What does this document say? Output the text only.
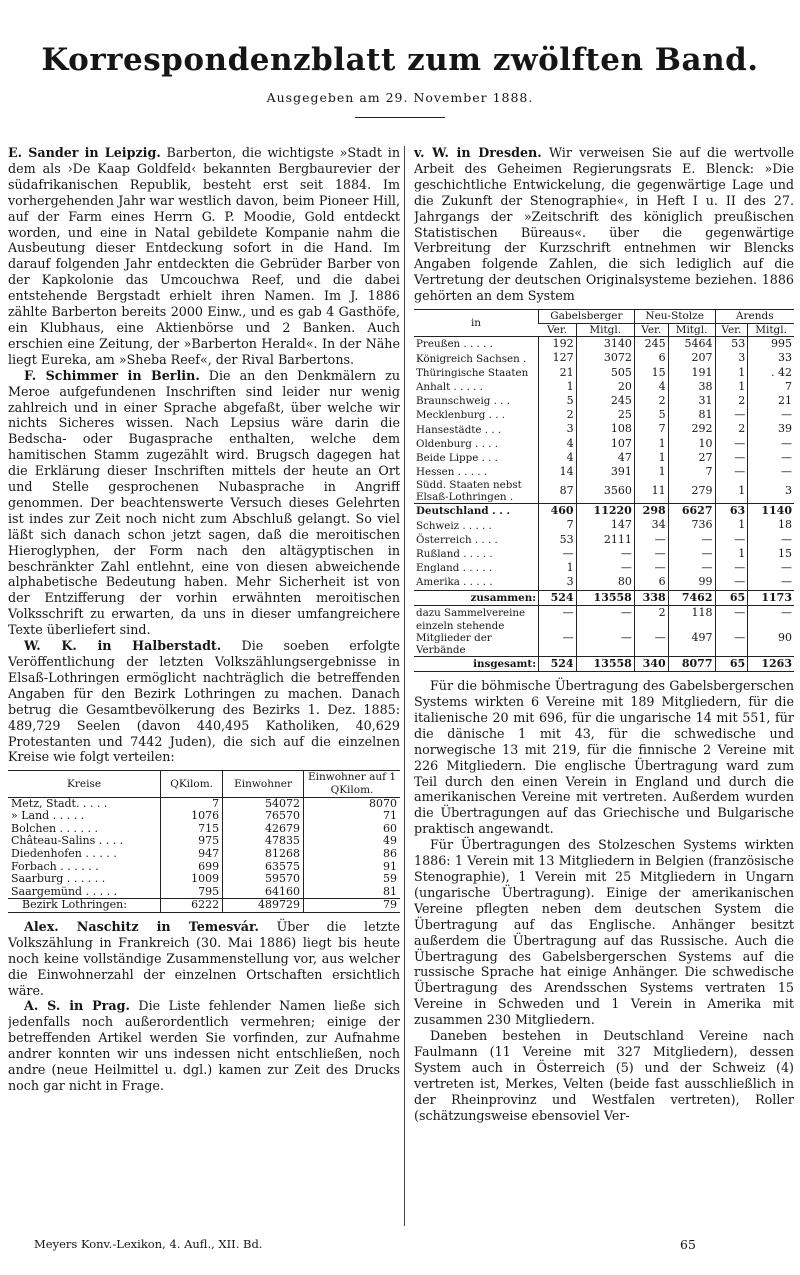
Korrespondenzblatt zum zwölften Band.
Ausgegeben am 29. November 1888.

E. Sander in Leipzig. Barberton, die wichtigste »Stadt in dem als ›De Kaap Goldfeld‹ bekannten Bergbaurevier der südafrikanischen Republik, besteht erst seit 1884. Im vorhergehenden Jahr war westlich davon, beim Pioneer Hill, auf der Farm eines Herrn G. P. Moodie, Gold entdeckt worden, und eine in Natal gebildete Kompanie nahm die Ausbeutung dieser Entdeckung sofort in die Hand. Im darauf folgenden Jahr entdeckten die Gebrüder Barber von der Kapkolonie das Umcouchwa Reef, und die dabei entstehende Bergstadt erhielt ihren Namen. Im J. 1886 zählte Barberton bereits 2000 Einw., und es gab 4 Gasthöfe, ein Klubhaus, eine Aktienbörse und 2 Banken. Auch erschien eine Zeitung, der »Barberton Herald«. In der Nähe liegt Eureka, am »Sheba Reef«, der Rival Barbertons.

F. Schimmer in Berlin. Die an den Denkmälern zu Meroe aufgefundenen Inschriften sind leider nur wenig zahlreich und in einer Sprache abgefaßt, über welche wir nichts Sicheres wissen. Nach Lepsius wäre darin die Bedscha- oder Bugasprache enthalten, welche dem hamitischen Stamm zugezählt wird. Brugsch dagegen hat die Erklärung dieser Inschriften mittels der heute an Ort und Stelle gesprochenen Nubasprache in Angriff genommen. Der beachtenswerte Versuch dieses Gelehrten ist indes zur Zeit noch nicht zum Abschluß gelangt. So viel läßt sich danach schon jetzt sagen, daß die meroitischen Hieroglyphen, der Form nach den altägyptischen in beschränkter Zahl entlehnt, eine von diesen abweichende alphabetische Bedeutung haben. Mehr Sicherheit ist von der Entzifferung der vorhin erwähnten meroitischen Volksschrift zu erwarten, da uns in dieser umfangreichere Texte überliefert sind.

W. K. in Halberstadt. Die soeben erfolgte Veröffentlichung der letzten Volkszählungsergebnisse in Elsaß-Lothringen ermöglicht nachträglich die betreffenden Angaben für den Bezirk Lothringen zu machen. Danach betrug die Gesamtbevölkerung des Bezirks 1. Dez. 1885: 489,729 Seelen (davon 440,495 Katholiken, 40,629 Protestanten und 7442 Juden), die sich auf die einzelnen Kreise wie folgt verteilen:

Kreise	QKilom.	Einwohner	Einwohner auf 1 QKilom.
Metz, Stadt. . . . .	7	54072	8070
» Land . . . . .	1076	76570	71
Bolchen . . . . . .	715	42679	60
Château-Salins . . . .	975	47835	49
Diedenhofen . . . . .	947	81268	86
Forbach . . . . . .	699	63575	91
Saarburg . . . . . .	1009	59570	59
Saargemünd . . . . .	795	64160	81
Bezirk Lothringen:	6222	489729	79

Alex. Naschitz in Temesvár. Über die letzte Volkszählung in Frankreich (30. Mai 1886) liegt bis heute noch keine vollständige Zusammenstellung vor, aus welcher die Einwohnerzahl der einzelnen Ortschaften ersichtlich wäre.

A. S. in Prag. Die Liste fehlender Namen ließe sich jedenfalls noch außerordentlich vermehren; einige der betreffenden Artikel werden Sie vorfinden, zur Aufnahme andrer konnten wir uns indessen nicht entschließen, noch andre (neue Heilmittel u. dgl.) kamen zur Zeit des Drucks noch gar nicht in Frage.

v. W. in Dresden. Wir verweisen Sie auf die wertvolle Arbeit des Geheimen Regierungsrats E. Blenck: »Die geschichtliche Entwickelung, die gegenwärtige Lage und die Zukunft der Stenographie«, in Heft I u. II des 27. Jahrgangs der »Zeitschrift des königlich preußischen Statistischen Büreaus«. über die gegenwärtige Verbreitung der Kurzschrift entnehmen wir Blencks Angaben folgende Zahlen, die sich lediglich auf die Vertretung der deutschen Originalsysteme beziehen. 1886 gehörten an dem System

in	Gabelsberger		Neu-Stolze		Arends	
	Ver.	Mitgl.	Ver.	Mitgl.	Ver.	Mitgl.
Preußen . . . . .	192	3140	245	5464	53	995
Königreich Sachsen .	127	3072	6	207	3	33
Thüringische Staaten	21	505	15	191	1	. 42
Anhalt . . . . .	1	20	4	38	1	7
Braunschweig . . .	5	245	2	31	2	21
Mecklenburg . . .	2	25	5	81	—	—
Hansestädte . . .	3	108	7	292	2	39
Oldenburg . . . .	4	107	1	10	—	—
Beide Lippe . . .	4	47	1	27	—	—
Hessen . . . . .	14	391	1	7	—	—
Südd. Staaten nebst Elsaß-Lothringen .	87	3560	11	279	1	3
Deutschland . . .	460	11220	298	6627	63	1140
Schweiz . . . . .	7	147	34	736	1	18
Österreich . . . .	53	2111	—	—	—	—
Rußland . . . . .	—	—	—	—	1	15
England . . . . .	1	—	—	—	—	—
Amerika . . . . .	3	80	6	99	—	—
zusammen:	524	13558	338	7462	65	1173
dazu Sammelvereine	—	—	2	118	—	—
einzeln stehende Mitglieder der Verbände	—	—	—	497	—	90
insgesamt:	524	13558	340	8077	65	1263

Für die böhmische Übertragung des Gabelsbergerschen Systems wirkten 6 Vereine mit 189 Mitgliedern, für die italienische 20 mit 696, für die ungarische 14 mit 551, für die dänische 1 mit 43, für die schwedische und norwegische 13 mit 219, für die finnische 2 Vereine mit 226 Mitgliedern. Die englische Übertragung ward zum Teil durch den einen Verein in England und durch die amerikanischen Vereine mit vertreten. Außerdem wurden die Übertragungen auf das Griechische und Bulgarische praktisch angewandt.

Für Übertragungen des Stolzeschen Systems wirkten 1886: 1 Verein mit 13 Mitgliedern in Belgien (französische Stenographie), 1 Verein mit 25 Mitgliedern in Ungarn (ungarische Übertragung). Einige der amerikanischen Vereine pflegten neben dem deutschen System die Übertragung auf das Englische. Anhänger besitzt außerdem die Übertragung auf das Russische. Auch die Übertragung des Gabelsbergerschen Systems auf die russische Sprache hat einige Anhänger. Die schwedische Übertragung des Arendsschen Systems vertraten 15 Vereine in Schweden und 1 Verein in Amerika mit zusammen 230 Mitgliedern.

Daneben bestehen in Deutschland Vereine nach Faulmann (11 Vereine mit 327 Mitgliedern), dessen System auch in Österreich (5) und der Schweiz (4) vertreten ist, Merkes, Velten (beide fast ausschließlich in der Rheinprovinz und Westfalen vertreten), Roller (schätzungsweise ebensoviel Ver-

Meyers Konv.-Lexikon, 4. Aufl., XII. Bd.	65
